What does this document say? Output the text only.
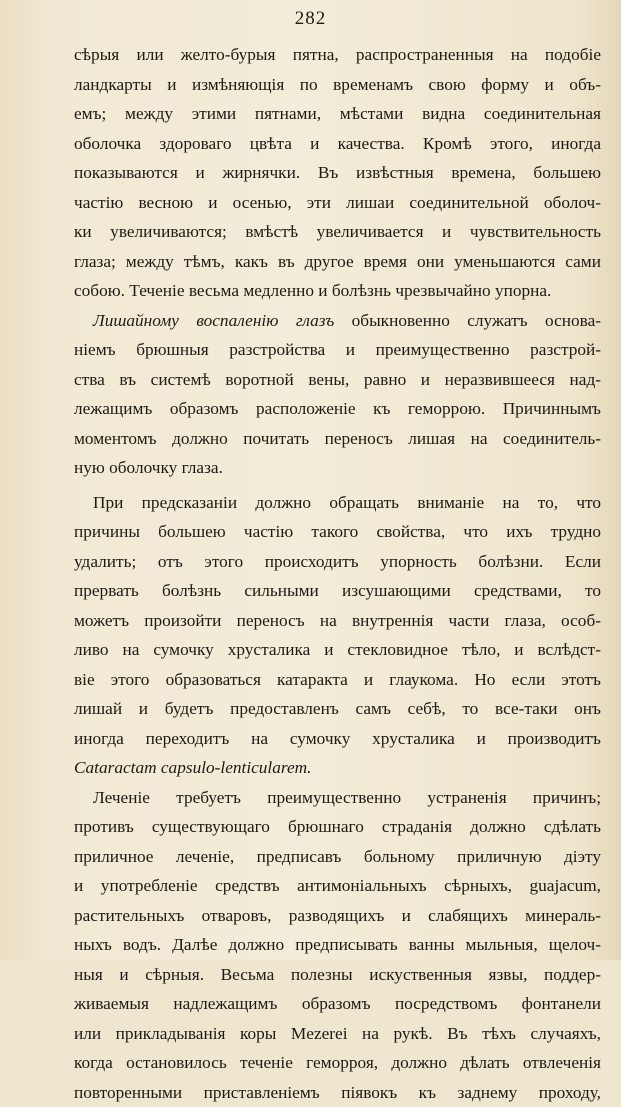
282
сѣрыя или желто-бурыя пятна, распространенныя на подобіе
ландкарты и измѣняющія по временамъ свою форму и объ-
емъ; между этими пятнами, мѣстами видна соединительная
оболочка здороваго цвѣта и качества. Кромѣ этого, иногда
показываются и жирнячки. Въ извѣстныя времена, большею
частію весною и осенью, эти лишаи соединительной оболоч-
ки увеличиваются; вмѣстѣ увеличивается и чувствительность
глаза; между тѣмъ, какъ въ другое время они уменьшаются сами
собою. Теченіе весьма медленно и болѣзнь чрезвычайно упорна.
Лишайному воспаленію глазъ обыкновенно служатъ основа-
ніемъ брюшныя разстройства и преимущественно разстрой-
ства въ системѣ воротной вены, равно и неразвившееся над-
лежащимъ образомъ расположеніе къ геморрою. Причиннымъ
моментомъ должно почитать переносъ лишая на соединитель-
ную оболочку глаза.
При предсказаніи должно обращать вниманіе на то, что
причины большею частію такого свойства, что ихъ трудно
удалить; отъ этого происходитъ упорность болѣзни. Если
прервать болѣзнь сильными изсушающими средствами, то
можетъ произойти переносъ на внутреннія части глаза, особ-
ливо на сумочку хрусталика и стекловидное тѣло, и вслѣдст-
віе этого образоваться катаракта и глаукома. Но если этотъ
лишай и будетъ предоставленъ самъ себѣ, то все-таки онъ
иногда переходитъ на сумочку хрусталика и производитъ
Cataractam capsulo-lenticularem.
Леченіе требуетъ преимущественно устраненія причинъ;
противъ существующаго брюшнаго страданія должно сдѣлать
приличное леченіе, предписавъ больному приличную діэту
и употребленіе средствъ антимоніальныхъ сѣрныхъ, guajacum,
растительныхъ отваровъ, разводящихъ и слабящихъ минераль-
ныхъ водъ. Далѣе должно предписывать ванны мыльныя, щелоч-
ныя и сѣрныя. Весьма полезны искуственныя язвы, поддер-
живаемыя надлежащимъ образомъ посредствомъ фонтанели
или прикладыванія коры Mezerei на рукѣ. Въ тѣхъ случаяхъ,
когда остановилось теченіе геморроя, должно дѣлать отвлеченія
повторенными приставленіемъ піявокъ къ заднему проходу,
